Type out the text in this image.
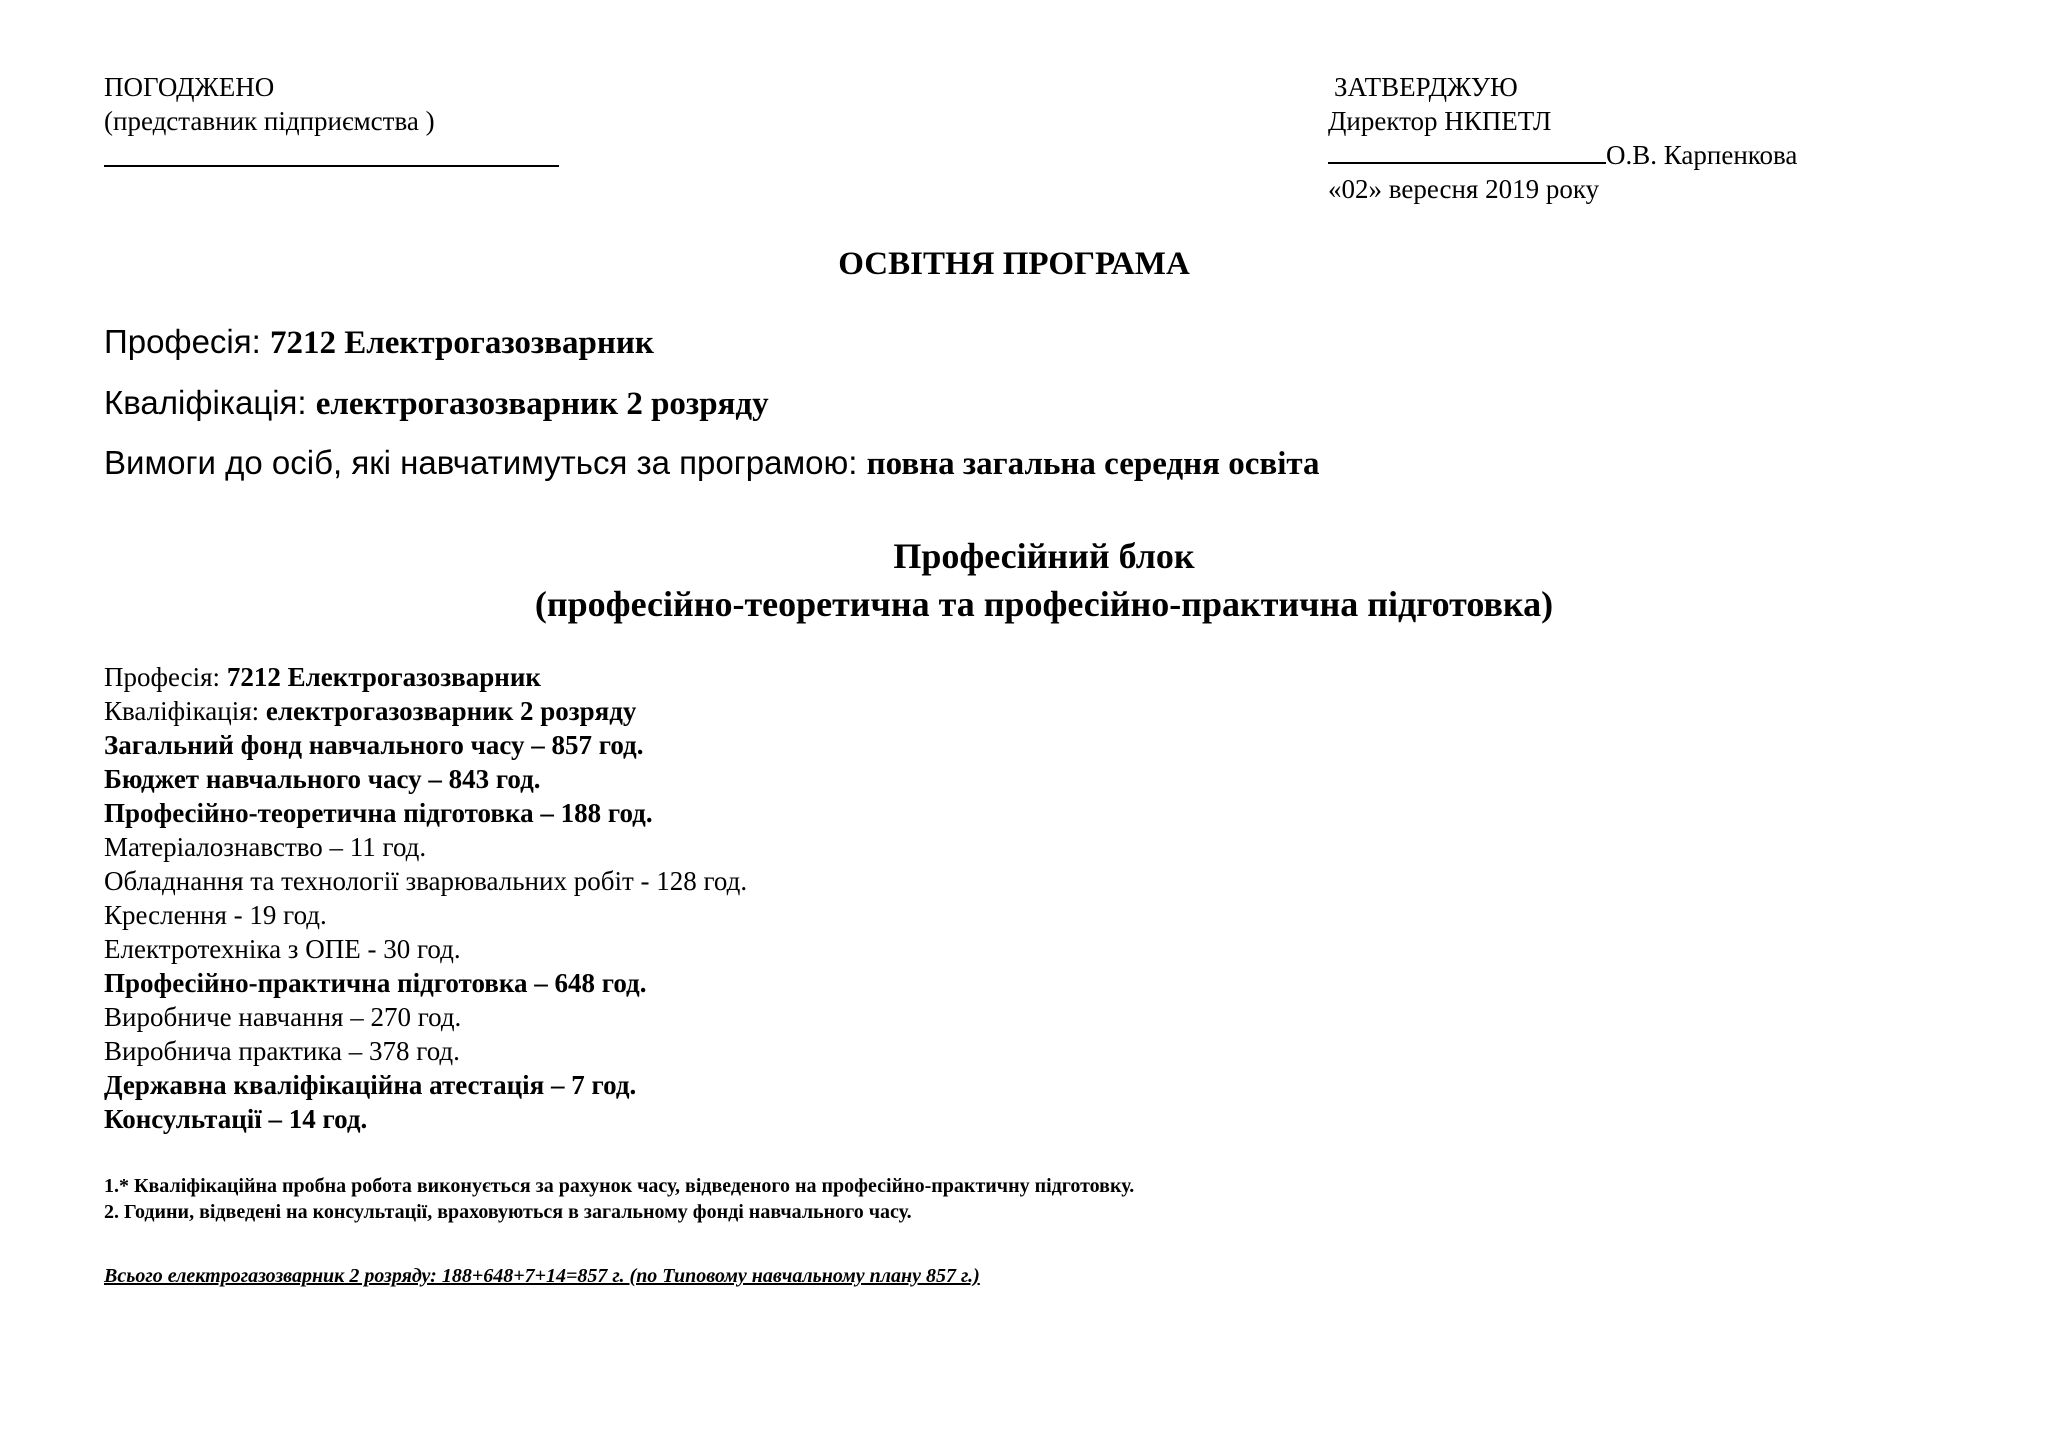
ПОГОДЖЕНО
(представник підприємства )
ЗАТВЕРДЖУЮ
Директор НКПЕТЛ
О.В. Карпенкова
«02» вересня 2019 року
ОСВІТНЯ ПРОГРАМА
Професія: 7212 Електрогазозварник
Кваліфікація: електрогазозварник 2 розряду
Вимоги до осіб, які навчатимуться за програмою: повна загальна середня освіта
Професійний блок
(професійно-теоретична та професійно-практична підготовка)
Професія: 7212 Електрогазозварник
Кваліфікація: електрогазозварник 2 розряду
Загальний фонд навчального часу – 857 год.
Бюджет навчального часу – 843 год.
Професійно-теоретична підготовка – 188 год.
Матеріалознавство – 11 год.
Обладнання та технології зварювальних робіт - 128 год.
Креслення - 19 год.
Електротехніка з ОПЕ - 30 год.
Професійно-практична підготовка – 648 год.
Виробниче навчання – 270 год.
Виробнича практика – 378 год.
Державна кваліфікаційна атестація – 7 год.
Консультації – 14 год.
1.* Кваліфікаційна пробна робота виконується за рахунок часу, відведеного на професійно-практичну підготовку.
2. Години, відведені на консультації, враховуються в загальному фонді навчального часу.
Всього електрогазозварник 2 розряду: 188+648+7+14=857 г. (по Типовому навчальному плану 857 г.)
